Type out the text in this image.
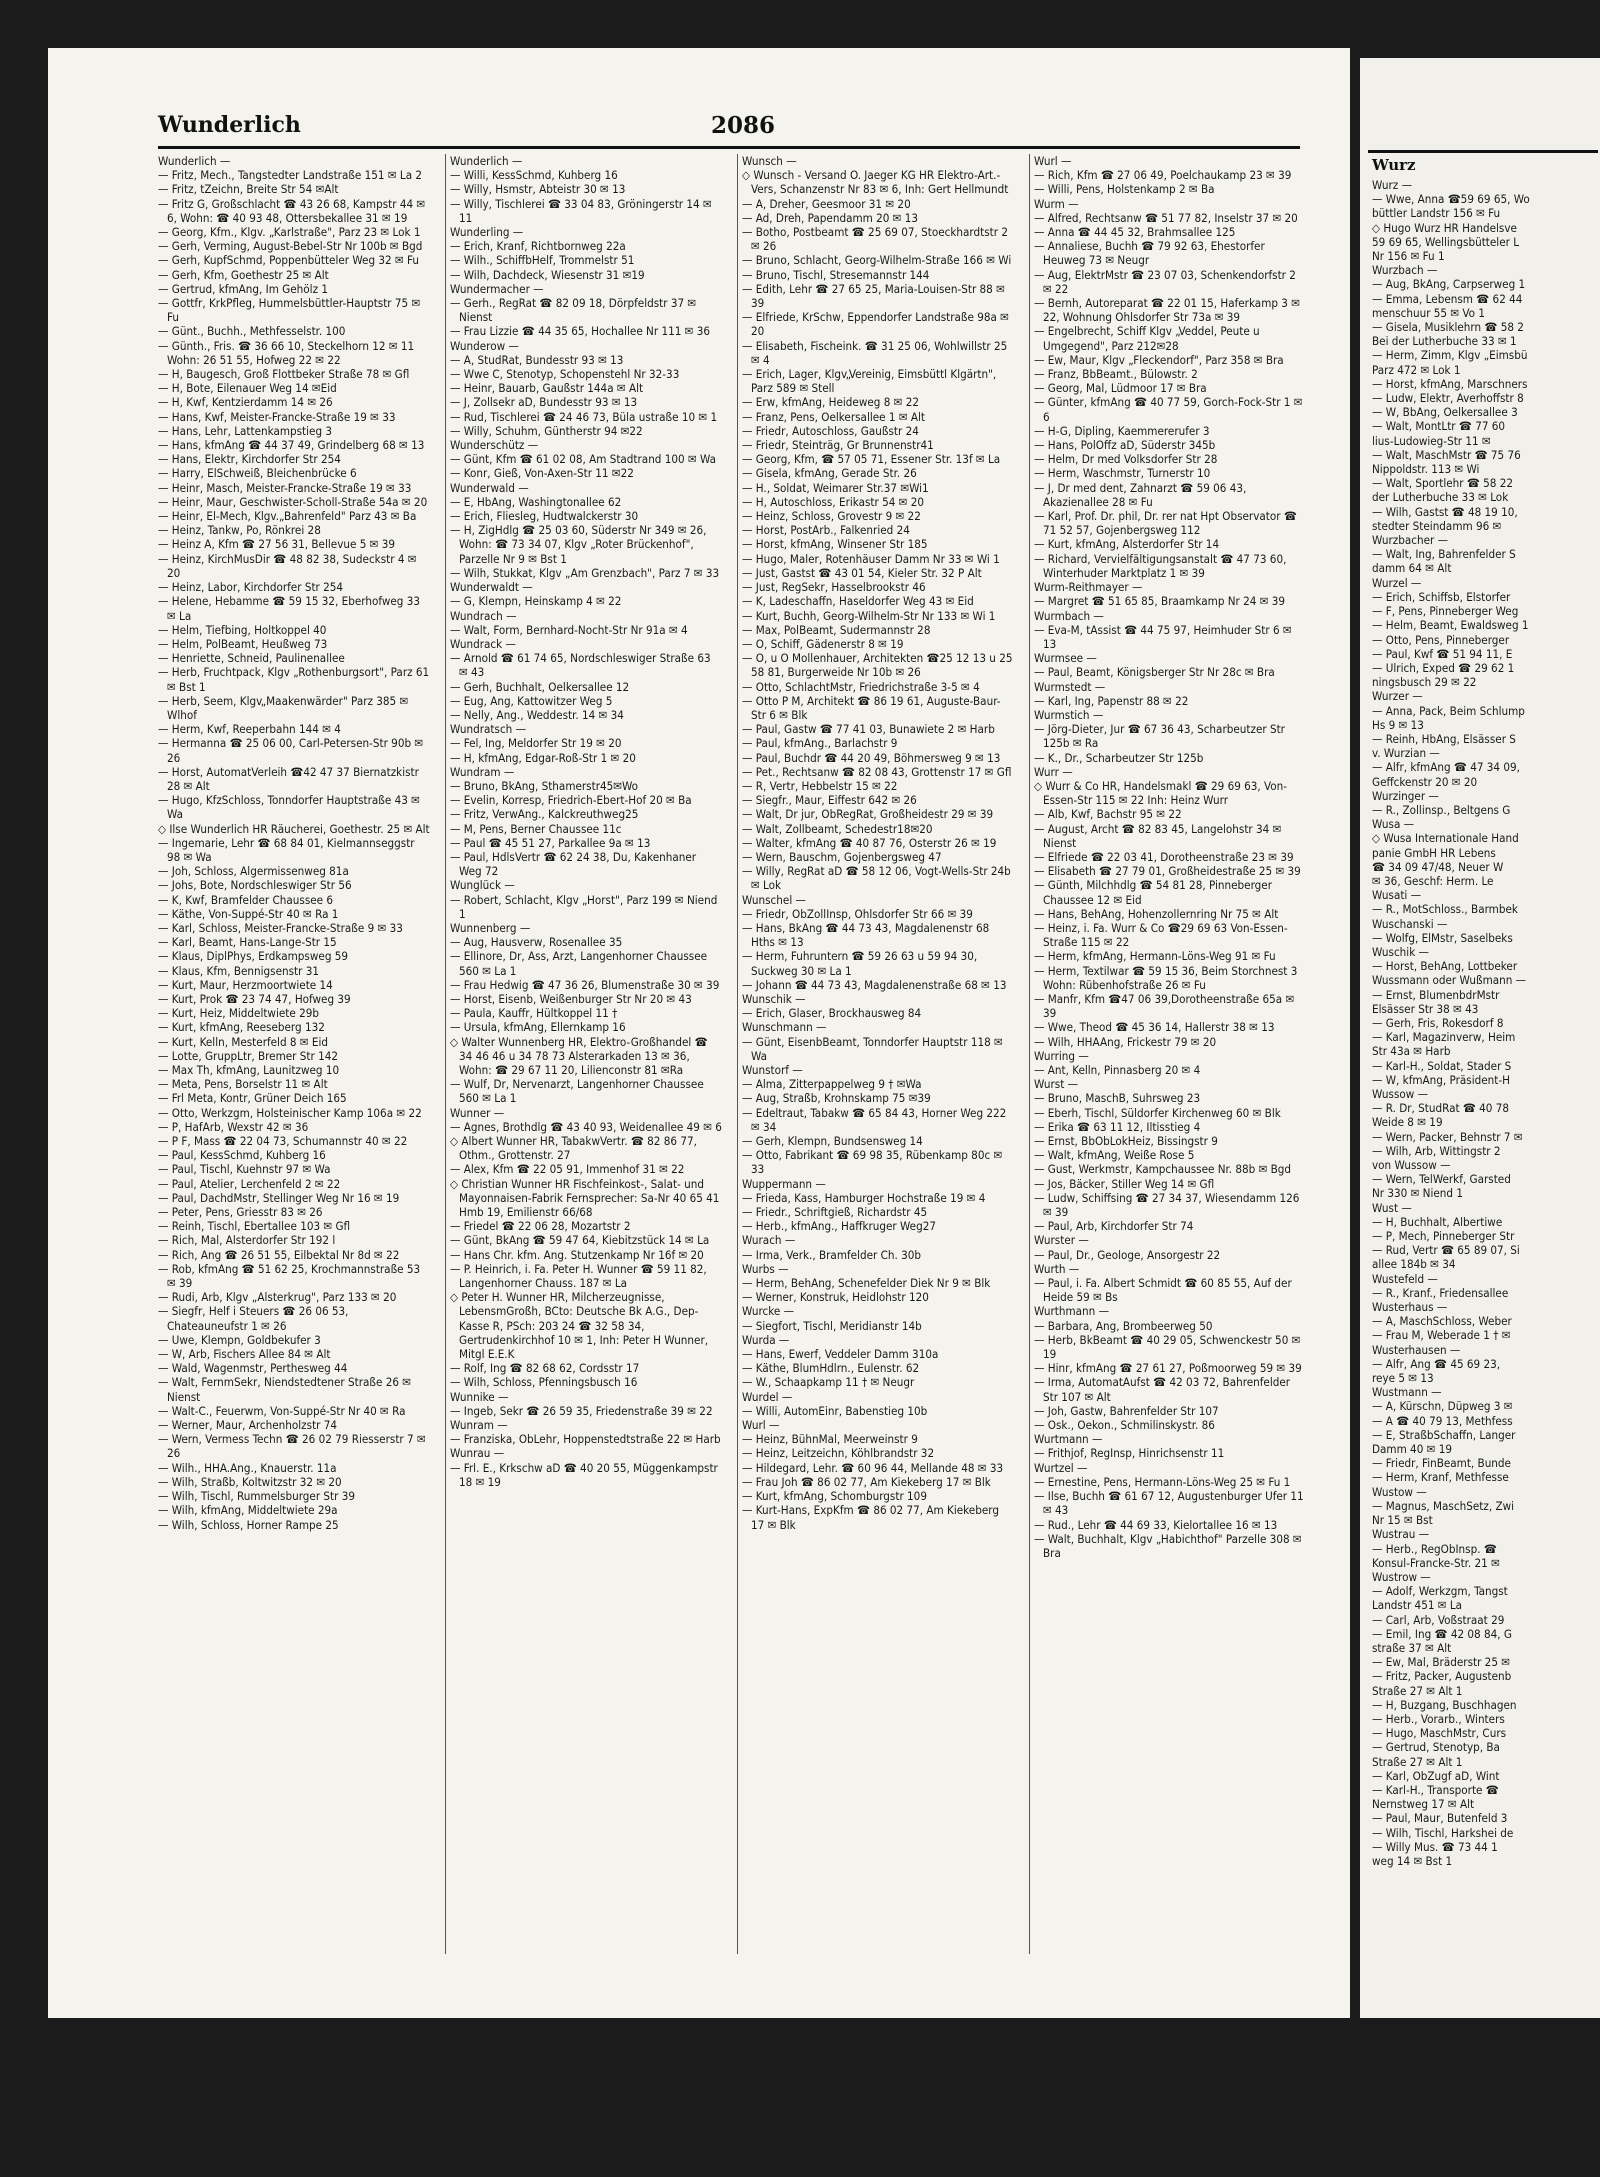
Wunderlich	2086
Wunderlich —
— Fritz, Mech., Tangstedter Landstraße 151 ✉ La 2
— Fritz, tZeichn, Breite Str 54 ✉Alt
— Fritz G, Großschlacht ☎ 43 26 68, Kampstr 44 ✉ 6, Wohn: ☎ 40 93 48, Ottersbekallee 31 ✉ 19
— Georg, Kfm., Klgv. „Karlstraße", Parz 23 ✉ Lok 1
— Gerh, Verming, August-Bebel-Str Nr 100b ✉ Bgd
— Gerh, KupfSchmd, Poppenbütteler Weg 32 ✉ Fu
— Gerh, Kfm, Goethestr 25 ✉ Alt
— Gertrud, kfmAng, Im Gehölz 1
— Gottfr, KrkPfleg, Hummelsbüttler-Hauptstr 75 ✉ Fu
— Günt., Buchh., Methfesselstr. 100
— Günth., Fris. ☎ 36 66 10, Steckelhorn 12 ✉ 11 Wohn: 26 51 55, Hofweg 22 ✉ 22
— H, Baugesch, Groß Flottbeker Straße 78 ✉ Gfl
— H, Bote, Eilenauer Weg 14 ✉Eid
— H, Kwf, Kentzierdamm 14 ✉ 26
— Hans, Kwf, Meister-Francke-Straße 19 ✉ 33
— Hans, Lehr, Lattenkampstieg 3
— Hans, kfmAng ☎ 44 37 49, Grindelberg 68 ✉ 13
— Hans, Elektr, Kirchdorfer Str 254
— Harry, ElSchweiß, Bleichenbrücke 6
— Heinr, Masch, Meister-Francke-Straße 19 ✉ 33
— Heinr, Maur, Geschwister-Scholl-Straße 54a ✉ 20
— Heinr, El-Mech, Klgv.„Bahrenfeld" Parz 43 ✉ Ba
— Heinz, Tankw, Po, Rönkrei 28
— Heinz A, Kfm ☎ 27 56 31, Bellevue 5 ✉ 39
— Heinz, KirchMusDir ☎ 48 82 38, Sudeckstr 4 ✉ 20
— Heinz, Labor, Kirchdorfer Str 254
— Helene, Hebamme ☎ 59 15 32, Eberhofweg 33 ✉ La
— Helm, Tiefbing, Holtkoppel 40
— Helm, PolBeamt, Heußweg 73
— Henriette, Schneid, Paulinenallee
— Herb, Fruchtpack, Klgv „Rothenburgsort", Parz 61 ✉ Bst 1
— Herb, Seem, Klgv„Maakenwärder" Parz 385 ✉ Wlhof
— Herm, Kwf, Reeperbahn 144 ✉ 4
— Hermanna ☎ 25 06 00, Carl-Petersen-Str 90b ✉ 26
— Horst, AutomatVerleih ☎42 47 37 Biernatzkistr 28 ✉ Alt
— Hugo, KfzSchloss, Tonndorfer Hauptstraße 43 ✉ Wa
◇ Ilse Wunderlich HR Räucherei, Goethestr. 25 ✉ Alt
— Ingemarie, Lehr ☎ 68 84 01, Kielmannseggstr 98 ✉ Wa
— Joh, Schloss, Algermissenweg 81a
— Johs, Bote, Nordschleswiger Str 56
— K, Kwf, Bramfelder Chaussee 6
— Käthe, Von-Suppé-Str 40 ✉ Ra 1
— Karl, Schloss, Meister-Francke-Straße 9 ✉ 33
— Karl, Beamt, Hans-Lange-Str 15
— Klaus, DiplPhys, Erdkampsweg 59
— Klaus, Kfm, Bennigsenstr 31
— Kurt, Maur, Herzmoortwiete 14
— Kurt, Prok ☎ 23 74 47, Hofweg 39
— Kurt, Heiz, Middeltwiete 29b
— Kurt, kfmAng, Reeseberg 132
— Kurt, Kelln, Mesterfeld 8 ✉ Eid
— Lotte, GruppLtr, Bremer Str 142
— Max Th, kfmAng, Launitzweg 10
— Meta, Pens, Borselstr 11 ✉ Alt
— Frl Meta, Kontr, Grüner Deich 165
— Otto, Werkzgm, Holsteinischer Kamp 106a ✉ 22
— P, HafArb, Wexstr 42 ✉ 36
— P F, Mass ☎ 22 04 73, Schumannstr 40 ✉ 22
— Paul, KessSchmd, Kuhberg 16
— Paul, Tischl, Kuehnstr 97 ✉ Wa
— Paul, Atelier, Lerchenfeld 2 ✉ 22
— Paul, DachdMstr, Stellinger Weg Nr 16 ✉ 19
— Peter, Pens, Griesstr 83 ✉ 26
— Reinh, Tischl, Ebertallee 103 ✉ Gfl
— Rich, Mal, Alsterdorfer Str 192 l
— Rich, Ang ☎ 26 51 55, Eilbektal Nr 8d ✉ 22
— Rob, kfmAng ☎ 51 62 25, Krochmannstraße 53 ✉ 39
— Rudi, Arb, Klgv „Alsterkrug", Parz 133 ✉ 20
— Siegfr, Helf i Steuers ☎ 26 06 53, Chateauneufstr 1 ✉ 26
— Uwe, Klempn, Goldbekufer 3
— W, Arb, Fischers Allee 84 ✉ Alt
— Wald, Wagenmstr, Perthesweg 44
— Walt, FernmSekr, Niendstedtener Straße 26 ✉ Nienst
— Walt-C., Feuerwm, Von-Suppé-Str Nr 40 ✉ Ra
— Werner, Maur, Archenholzstr 74
— Wern, Vermess Techn ☎ 26 02 79 Riesserstr 7 ✉ 26
— Wilh., HHA.Ang., Knauerstr. 11a
— Wilh, Straßb, Koltwitzstr 32 ✉ 20
— Wilh, Tischl, Rummelsburger Str 39
— Wilh, kfmAng, Middeltwiete 29a
— Wilh, Schloss, Horner Rampe 25
Wunderlich —
— Willi, KessSchmd, Kuhberg 16
— Willy, Hsmstr, Abteistr 30 ✉ 13
— Willy, Tischlerei ☎ 33 04 83, Gröningerstr 14 ✉ 11
Wunderling —
— Erich, Kranf, Richtbornweg 22a
— Wilh., SchiffbHelf, Trommelstr 51
— Wilh, Dachdeck, Wiesenstr 31 ✉19
Wundermacher —
— Gerh., RegRat ☎ 82 09 18, Dörpfeldstr 37 ✉ Nienst
— Frau Lizzie ☎ 44 35 65, Hochallee Nr 111 ✉ 36
Wunderow —
— A, StudRat, Bundesstr 93 ✉ 13
— Wwe C, Stenotyp, Schopenstehl Nr 32-33
— Heinr, Bauarb, Gaußstr 144a ✉ Alt
— J, Zollsekr aD, Bundesstr 93 ✉ 13
— Rud, Tischlerei ☎ 24 46 73, Büla ustraße 10 ✉ 1
— Willy, Schuhm, Güntherstr 94 ✉22
Wunderschütz —
— Günt, Kfm ☎ 61 02 08, Am Stadtrand 100 ✉ Wa
— Konr, Gieß, Von-Axen-Str 11 ✉22
Wunderwald —
— E, HbAng, Washingtonallee 62
— Erich, Fliesleg, Hudtwalckerstr 30
— H, ZigHdlg ☎ 25 03 60, Süderstr Nr 349 ✉ 26, Wohn: ☎ 73 34 07, Klgv „Roter Brückenhof", Parzelle Nr 9 ✉ Bst 1
— Wilh, Stukkat, Klgv „Am Grenzbach", Parz 7 ✉ 33
Wunderwaldt —
— G, Klempn, Heinskamp 4 ✉ 22
Wundrach —
— Walt, Form, Bernhard-Nocht-Str Nr 91a ✉ 4
Wundrack —
— Arnold ☎ 61 74 65, Nordschleswiger Straße 63 ✉ 43
— Gerh, Buchhalt, Oelkersallee 12
— Eug, Ang, Kattowitzer Weg 5
— Nelly, Ang., Weddestr. 14 ✉ 34
Wundratsch —
— Fel, Ing, Meldorfer Str 19 ✉ 20
— H, kfmAng, Edgar-Roß-Str 1 ✉ 20
Wundram —
— Bruno, BkAng, Sthamerstr45✉Wo
— Evelin, Korresp, Friedrich-Ebert-Hof 20 ✉ Ba
— Fritz, VerwAng., Kalckreuthweg25
— M, Pens, Berner Chaussee 11c
— Paul ☎ 45 51 27, Parkallee 9a ✉ 13
— Paul, HdlsVertr ☎ 62 24 38, Du, Kakenhaner Weg 72
Wunglück —
— Robert, Schlacht, Klgv „Horst", Parz 199 ✉ Niend 1
Wunnenberg —
— Aug, Hausverw, Rosenallee 35
— Ellinore, Dr, Ass, Arzt, Langenhorner Chaussee 560 ✉ La 1
— Frau Hedwig ☎ 47 36 26, Blumenstraße 30 ✉ 39
— Horst, Eisenb, Weißenburger Str Nr 20 ✉ 43
— Paula, Kauffr, Hültkoppel 11 †
— Ursula, kfmAng, Ellernkamp 16
◇ Walter Wunnenberg HR, Elektro-Großhandel ☎ 34 46 46 u 34 78 73 Alsterarkaden 13 ✉ 36, Wohn: ☎ 29 67 11 20, Lilienconstr 81 ✉Ra
— Wulf, Dr, Nervenarzt, Langenhorner Chaussee 560 ✉ La 1
Wunner —
— Agnes, Brothdlg ☎ 43 40 93, Weidenallee 49 ✉ 6
◇ Albert Wunner HR, TabakwVertr. ☎ 82 86 77, Othm., Grottenstr. 27
— Alex, Kfm ☎ 22 05 91, Immenhof 31 ✉ 22
◇ Christian Wunner HR Fischfeinkost-, Salat- und Mayonnaisen-Fabrik Fernsprecher: Sa-Nr 40 65 41 Hmb 19, Emilienstr 66/68
— Friedel ☎ 22 06 28, Mozartstr 2
— Günt, BkAng ☎ 59 47 64, Kiebitzstück 14 ✉ La
— Hans Chr. kfm. Ang. Stutzenkamp Nr 16f ✉ 20
— P. Heinrich, i. Fa. Peter H. Wunner ☎ 59 11 82, Langenhorner Chauss. 187 ✉ La
◇ Peter H. Wunner HR, Milcherzeugnisse, LebensmGroßh, BCto: Deutsche Bk A.G., Dep-Kasse R, PSch: 203 24 ☎ 32 58 34, Gertrudenkirchhof 10 ✉ 1, Inh: Peter H Wunner, Mitgl E.E.K
— Rolf, Ing ☎ 82 68 62, Cordsstr 17
— Wilh, Schloss, Pfenningsbusch 16
Wunnike —
— Ingeb, Sekr ☎ 26 59 35, Friedenstraße 39 ✉ 22
Wunram —
— Franziska, ObLehr, Hoppenstedtstraße 22 ✉ Harb
Wunrau —
— Frl. E., Krkschw aD ☎ 40 20 55, Müggenkampstr 18 ✉ 19
Wunsch —
◇ Wunsch - Versand O. Jaeger KG HR Elektro-Art.-Vers, Schanzenstr Nr 83 ✉ 6, Inh: Gert Hellmundt
— A, Dreher, Geesmoor 31 ✉ 20
— Ad, Dreh, Papendamm 20 ✉ 13
— Botho, Postbeamt ☎ 25 69 07, Stoeckhardtstr 2 ✉ 26
— Bruno, Schlacht, Georg-Wilhelm-Straße 166 ✉ Wi
— Bruno, Tischl, Stresemannstr 144
— Edith, Lehr ☎ 27 65 25, Maria-Louisen-Str 88 ✉ 39
— Elfriede, KrSchw, Eppendorfer Landstraße 98a ✉ 20
— Elisabeth, Fischeink. ☎ 31 25 06, Wohlwillstr 25 ✉ 4
— Erich, Lager, Klgv„Vereinig, Eimsbüttl Klgärtn", Parz 589 ✉ Stell
— Erw, kfmAng, Heideweg 8 ✉ 22
— Franz, Pens, Oelkersallee 1 ✉ Alt
— Friedr, Autoschloss, Gaußstr 24
— Friedr, Steinträg, Gr Brunnenstr41
— Georg, Kfm, ☎ 57 05 71, Essener Str. 13f ✉ La
— Gisela, kfmAng, Gerade Str. 26
— H., Soldat, Weimarer Str.37 ✉Wi1
— H, Autoschloss, Erikastr 54 ✉ 20
— Heinz, Schloss, Grovestr 9 ✉ 22
— Horst, PostArb., Falkenried 24
— Horst, kfmAng, Winsener Str 185
— Hugo, Maler, Rotenhäuser Damm Nr 33 ✉ Wi 1
— Just, Gastst ☎ 43 01 54, Kieler Str. 32 P Alt
— Just, RegSekr, Hasselbrookstr 46
— K, Ladeschaffn, Haseldorfer Weg 43 ✉ Eid
— Kurt, Buchh, Georg-Wilhelm-Str Nr 133 ✉ Wi 1
— Max, PolBeamt, Sudermannstr 28
— O, Schiff, Gädenerstr 8 ✉ 19
— O, u O Mollenhauer, Architekten ☎25 12 13 u 25 58 81, Burgerweide Nr 10b ✉ 26
— Otto, SchlachtMstr, Friedrichstraße 3-5 ✉ 4
— Otto P M, Architekt ☎ 86 19 61, Auguste-Baur-Str 6 ✉ Blk
— Paul, Gastw ☎ 77 41 03, Bunawiete 2 ✉ Harb
— Paul, kfmAng., Barlachstr 9
— Paul, Buchdr ☎ 44 20 49, Böhmersweg 9 ✉ 13
— Pet., Rechtsanw ☎ 82 08 43, Grottenstr 17 ✉ Gfl
— R, Vertr, Hebbelstr 15 ✉ 22
— Siegfr., Maur, Eiffestr 642 ✉ 26
— Walt, Dr jur, ObRegRat, Großheidestr 29 ✉ 39
— Walt, Zollbeamt, Schedestr18✉20
— Walter, kfmAng ☎ 40 87 76, Osterstr 26 ✉ 19
— Wern, Bauschm, Gojenbergsweg 47
— Willy, RegRat aD ☎ 58 12 06, Vogt-Wells-Str 24b ✉ Lok
Wunschel —
— Friedr, ObZollInsp, Ohlsdorfer Str 66 ✉ 39
— Hans, BkAng ☎ 44 73 43, Magdalenenstr 68 Hths ✉ 13
— Herm, Fuhruntern ☎ 59 26 63 u 59 94 30, Suckweg 30 ✉ La 1
— Johann ☎ 44 73 43, Magdalenenstraße 68 ✉ 13
Wunschik —
— Erich, Glaser, Brockhausweg 84
Wunschmann —
— Günt, EisenbBeamt, Tonndorfer Hauptstr 118 ✉ Wa
Wunstorf —
— Alma, Zitterpappelweg 9 † ✉Wa
— Aug, Straßb, Krohnskamp 75 ✉39
— Edeltraut, Tabakw ☎ 65 84 43, Horner Weg 222 ✉ 34
— Gerh, Klempn, Bundsensweg 14
— Otto, Fabrikant ☎ 69 98 35, Rübenkamp 80c ✉ 33
Wuppermann —
— Frieda, Kass, Hamburger Hochstraße 19 ✉ 4
— Friedr., Schriftgieß, Richardstr 45
— Herb., kfmAng., Haffkruger Weg27
Wurach —
— Irma, Verk., Bramfelder Ch. 30b
Wurbs —
— Herm, BehAng, Schenefelder Diek Nr 9 ✉ Blk
— Werner, Konstruk, Heidlohstr 120
Wurcke —
— Siegfort, Tischl, Meridianstr 14b
Wurda —
— Hans, Ewerf, Veddeler Damm 310a
— Käthe, BlumHdlrn., Eulenstr. 62
— W., Schaapkamp 11 † ✉ Neugr
Wurdel —
— Willi, AutomEinr, Babenstieg 10b
Wurl —
— Heinz, BühnMal, Meerweinstr 9
— Heinz, Leitzeichn, Köhlbrandstr 32
— Hildegard, Lehr. ☎ 60 96 44, Mellande 48 ✉ 33
— Frau Joh ☎ 86 02 77, Am Kiekeberg 17 ✉ Blk
— Kurt, kfmAng, Schomburgstr 109
— Kurt-Hans, ExpKfm ☎ 86 02 77, Am Kiekeberg 17 ✉ Blk
Wurl —
— Rich, Kfm ☎ 27 06 49, Poelchaukamp 23 ✉ 39
— Willi, Pens, Holstenkamp 2 ✉ Ba
Wurm —
— Alfred, Rechtsanw ☎ 51 77 82, Inselstr 37 ✉ 20
— Anna ☎ 44 45 32, Brahmsallee 125
— Annaliese, Buchh ☎ 79 92 63, Ehestorfer Heuweg 73 ✉ Neugr
— Aug, ElektrMstr ☎ 23 07 03, Schenkendorfstr 2 ✉ 22
— Bernh, Autoreparat ☎ 22 01 15, Haferkamp 3 ✉ 22, Wohnung Ohlsdorfer Str 73a ✉ 39
— Engelbrecht, Schiff Klgv „Veddel, Peute u Umgegend", Parz 212✉28
— Ew, Maur, Klgv „Fleckendorf", Parz 358 ✉ Bra
— Franz, BbBeamt., Bülowstr. 2
— Georg, Mal, Lüdmoor 17 ✉ Bra
— Günter, kfmAng ☎ 40 77 59, Gorch-Fock-Str 1 ✉ 6
— H-G, Dipling, Kaemmererufer 3
— Hans, PolOffz aD, Süderstr 345b
— Helm, Dr med Volksdorfer Str 28
— Herm, Waschmstr, Turnerstr 10
— J, Dr med dent, Zahnarzt ☎ 59 06 43, Akazienallee 28 ✉ Fu
— Karl, Prof. Dr. phil, Dr. rer nat Hpt Observator ☎ 71 52 57, Gojenbergsweg 112
— Kurt, kfmAng, Alsterdorfer Str 14
— Richard, Vervielfältigungsanstalt ☎ 47 73 60, Winterhuder Marktplatz 1 ✉ 39
Wurm-Reithmayer —
— Margret ☎ 51 65 85, Braamkamp Nr 24 ✉ 39
Wurmbach —
— Eva-M, tAssist ☎ 44 75 97, Heimhuder Str 6 ✉ 13
Wurmsee —
— Paul, Beamt, Königsberger Str Nr 28c ✉ Bra
Wurmstedt —
— Karl, Ing, Papenstr 88 ✉ 22
Wurmstich —
— Jörg-Dieter, Jur ☎ 67 36 43, Scharbeutzer Str 125b ✉ Ra
— K., Dr., Scharbeutzer Str 125b
Wurr —
◇ Wurr & Co HR, Handelsmakl ☎ 29 69 63, Von-Essen-Str 115 ✉ 22 Inh: Heinz Wurr
— Alb, Kwf, Bachstr 95 ✉ 22
— August, Archt ☎ 82 83 45, Langelohstr 34 ✉ Nienst
— Elfriede ☎ 22 03 41, Dorotheenstraße 23 ✉ 39
— Elisabeth ☎ 27 79 01, Großheidestraße 25 ✉ 39
— Günth, Milchhdlg ☎ 54 81 28, Pinneberger Chaussee 12 ✉ Eid
— Hans, BehAng, Hohenzollernring Nr 75 ✉ Alt
— Heinz, i. Fa. Wurr & Co ☎29 69 63 Von-Essen-Straße 115 ✉ 22
— Herm, kfmAng, Hermann-Löns-Weg 91 ✉ Fu
— Herm, Textilwar ☎ 59 15 36, Beim Storchnest 3 Wohn: Rübenhofstraße 26 ✉ Fu
— Manfr, Kfm ☎47 06 39,Dorotheenstraße 65a ✉ 39
— Wwe, Theod ☎ 45 36 14, Hallerstr 38 ✉ 13
— Wilh, HHAAng, Frickestr 79 ✉ 20
Wurring —
— Ant, Kelln, Pinnasberg 20 ✉ 4
Wurst —
— Bruno, MaschB, Suhrsweg 23
— Eberh, Tischl, Süldorfer Kirchenweg 60 ✉ Blk
— Erika ☎ 63 11 12, Iltisstieg 4
— Ernst, BbObLokHeiz, Bissingstr 9
— Walt, kfmAng, Weiße Rose 5
— Gust, Werkmstr, Kampchaussee Nr. 88b ✉ Bgd
— Jos, Bäcker, Stiller Weg 14 ✉ Gfl
— Ludw, Schiffsing ☎ 27 34 37, Wiesendamm 126 ✉ 39
— Paul, Arb, Kirchdorfer Str 74
Wurster —
— Paul, Dr., Geologe, Ansorgestr 22
Wurth —
— Paul, i. Fa. Albert Schmidt ☎ 60 85 55, Auf der Heide 59 ✉ Bs
Wurthmann —
— Barbara, Ang, Brombeerweg 50
— Herb, BkBeamt ☎ 40 29 05, Schwenckestr 50 ✉ 19
— Hinr, kfmAng ☎ 27 61 27, Poßmoorweg 59 ✉ 39
— Irma, AutomatAufst ☎ 42 03 72, Bahrenfelder Str 107 ✉ Alt
— Joh, Gastw, Bahrenfelder Str 107
— Osk., Oekon., Schmilinskystr. 86
Wurtmann —
— Frithjof, RegInsp, Hinrichsenstr 11
Wurtzel —
— Ernestine, Pens, Hermann-Löns-Weg 25 ✉ Fu 1
— Ilse, Buchh ☎ 61 67 12, Augustenburger Ufer 11 ✉ 43
— Rud., Lehr ☎ 44 69 33, Kielortallee 16 ✉ 13
— Walt, Buchhalt, Klgv „Habichthof" Parzelle 308 ✉ Bra
Wurz
Wurz —
— Wwe, Anna ☎59 69 65, Wo
büttler Landstr 156 ✉ Fu
◇ Hugo Wurz HR Handelsve
59 69 65, Wellingsbütteler L
Nr 156 ✉ Fu 1
Wurzbach —
— Aug, BkAng, Carpserweg 1
— Emma, Lebensm ☎ 62 44
menschuur 55 ✉ Vo 1
— Gisela, Musiklehrn ☎ 58 2
Bei der Lutherbuche 33 ✉ 1
— Herm, Zimm, Klgv „Eimsbü
Parz 472 ✉ Lok 1
— Horst, kfmAng, Marschners
— Ludw, Elektr, Averhoffstr 8
— W, BbAng, Oelkersallee 3
— Walt, MontLtr ☎ 77 60
lius-Ludowieg-Str 11 ✉
— Walt, MaschMstr ☎ 75 76
Nippoldstr. 113 ✉ Wi
— Walt, Sportlehr ☎ 58 22
der Lutherbuche 33 ✉ Lok
— Wilh, Gastst ☎ 48 19 10,
stedter Steindamm 96 ✉
Wurzbacher —
— Walt, Ing, Bahrenfelder S
damm 64 ✉ Alt
Wurzel —
— Erich, Schiffsb, Elstorfer
— F, Pens, Pinneberger Weg
— Helm, Beamt, Ewaldsweg 1
— Otto, Pens, Pinneberger
— Paul, Kwf ☎ 51 94 11, E
— Ulrich, Exped ☎ 29 62 1
ningsbusch 29 ✉ 22
Wurzer —
— Anna, Pack, Beim Schlump
Hs 9 ✉ 13
— Reinh, HbAng, Elsässer S
v. Wurzian —
— Alfr, kfmAng ☎ 47 34 09,
Geffckenstr 20 ✉ 20
Wurzinger —
— R., Zollinsp., Beltgens G
Wusa —
◇ Wusa Internationale Hand
panie GmbH HR Lebens
☎ 34 09 47/48, Neuer W
✉ 36, Geschf: Herm. Le
Wusati —
— R., MotSchloss., Barmbek
Wuschanski —
— Wolfg, ElMstr, Saselbeks
Wuschik —
— Horst, BehAng, Lottbeker
Wussmann oder Wußmann —
— Ernst, BlumenbdrMstr
Elsässer Str 38 ✉ 43
— Gerh, Fris, Rokesdorf 8
— Karl, Magazinverw, Heim
Str 43a ✉ Harb
— Karl-H., Soldat, Stader S
— W, kfmAng, Präsident-H
Wussow —
— R. Dr, StudRat ☎ 40 78
Weide 8 ✉ 19
— Wern, Packer, Behnstr 7 ✉
— Wilh, Arb, Wittingstr 2
von Wussow —
— Wern, TelWerkf, Garsted
Nr 330 ✉ Niend 1
Wust —
— H, Buchhalt, Albertiwe
— P, Mech, Pinneberger Str
— Rud, Vertr ☎ 65 89 07, Si
allee 184b ✉ 34
Wustefeld —
— R., Kranf., Friedensallee
Wusterhaus —
— A, MaschSchloss, Weber
— Frau M, Weberade 1 † ✉
Wusterhausen —
— Alfr, Ang ☎ 45 69 23,
reye 5 ✉ 13
Wustmann —
— A, Kürschn, Düpweg 3 ✉
— A ☎ 40 79 13, Methfess
— E, StraßbSchaffn, Langer
Damm 40 ✉ 19
— Friedr, FinBeamt, Bunde
— Herm, Kranf, Methfesse
Wustow —
— Magnus, MaschSetz, Zwi
Nr 15 ✉ Bst
Wustrau —
— Herb., RegObInsp. ☎
Konsul-Francke-Str. 21 ✉
Wustrow —
— Adolf, Werkzgm, Tangst
Landstr 451 ✉ La
— Carl, Arb, Voßstraat 29
— Emil, Ing ☎ 42 08 84, G
straße 37 ✉ Alt
— Ew, Mal, Bräderstr 25 ✉
— Fritz, Packer, Augustenb
Straße 27 ✉ Alt 1
— H, Buzgang, Buschhagen
— Herb., Vorarb., Winters
— Hugo, MaschMstr, Curs
— Gertrud, Stenotyp, Ba
Straße 27 ✉ Alt 1
— Karl, ObZugf aD, Wint
— Karl-H., Transporte ☎
Nernstweg 17 ✉ Alt
— Paul, Maur, Butenfeld 3
— Wilh, Tischl, Harkshei de
— Willy Mus. ☎ 73 44 1
weg 14 ✉ Bst 1
